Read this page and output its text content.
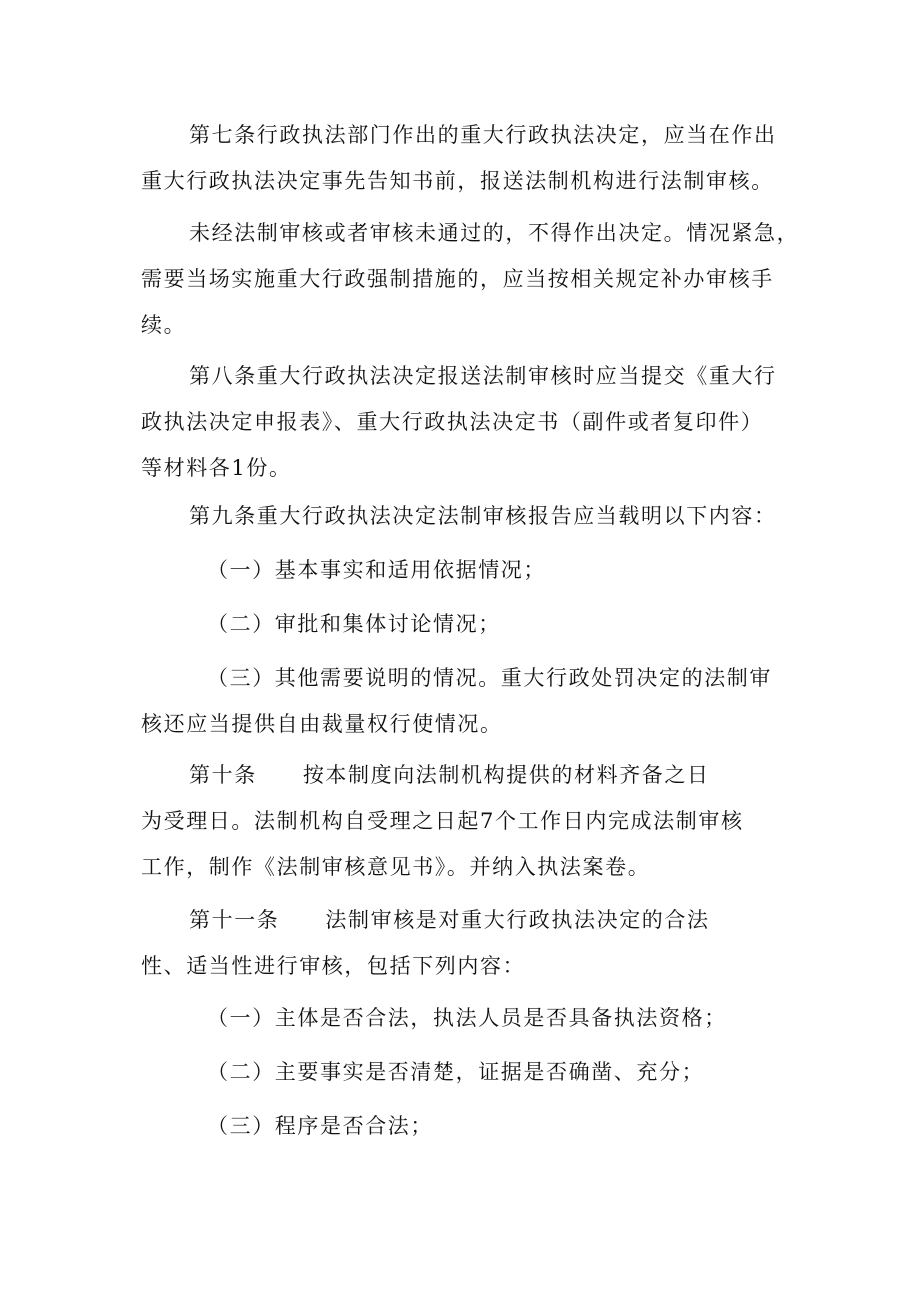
第七条行政执法部门作出的重大行政执法决定，应当在作出
重大行政执法决定事先告知书前，报送法制机构进行法制审核。
未经法制审核或者审核未通过的，不得作出决定。情况紧急，
需要当场实施重大行政强制措施的，应当按相关规定补办审核手
续。
第八条重大行政执法决定报送法制审核时应当提交《重大行
政执法决定申报表》、重大行政执法决定书（副件或者复印件）
等材料各1份。
第九条重大行政执法决定法制审核报告应当载明以下内容：
（一）基本事实和适用依据情况；
（二）审批和集体讨论情况；
（三）其他需要说明的情况。重大行政处罚决定的法制审
核还应当提供自由裁量权行使情况。
第十条 按本制度向法制机构提供的材料齐备之日
为受理日。法制机构自受理之日起7个工作日内完成法制审核
工作，制作《法制审核意见书》。并纳入执法案卷。
第十一条 法制审核是对重大行政执法决定的合法
性、适当性进行审核，包括下列内容：
（一）主体是否合法，执法人员是否具备执法资格；
（二）主要事实是否清楚，证据是否确凿、充分；
（三）程序是否合法；
